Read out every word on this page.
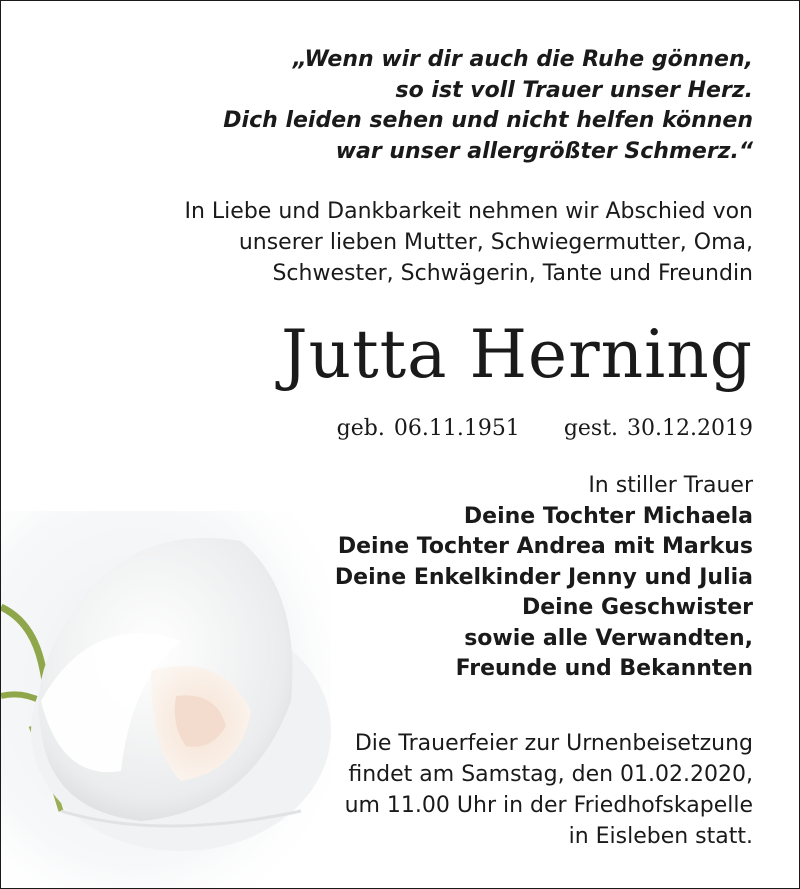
„Wenn wir dir auch die Ruhe gönnen,
so ist voll Trauer unser Herz.
Dich leiden sehen und nicht helfen können
war unser allergrößter Schmerz.“
In Liebe und Dankbarkeit nehmen wir Abschied von
unserer lieben Mutter, Schwiegermutter, Oma,
Schwester, Schwägerin, Tante und Freundin
Jutta Herning
geb. 06.11.1951 gest. 30.12.2019
In stiller Trauer
Deine Tochter Michaela
Deine Tochter Andrea mit Markus
Deine Enkelkinder Jenny und Julia
Deine Geschwister
sowie alle Verwandten,
Freunde und Bekannten
Die Trauerfeier zur Urnenbeisetzung
findet am Samstag, den 01.02.2020,
um 11.00 Uhr in der Friedhofskapelle
in Eisleben statt.
